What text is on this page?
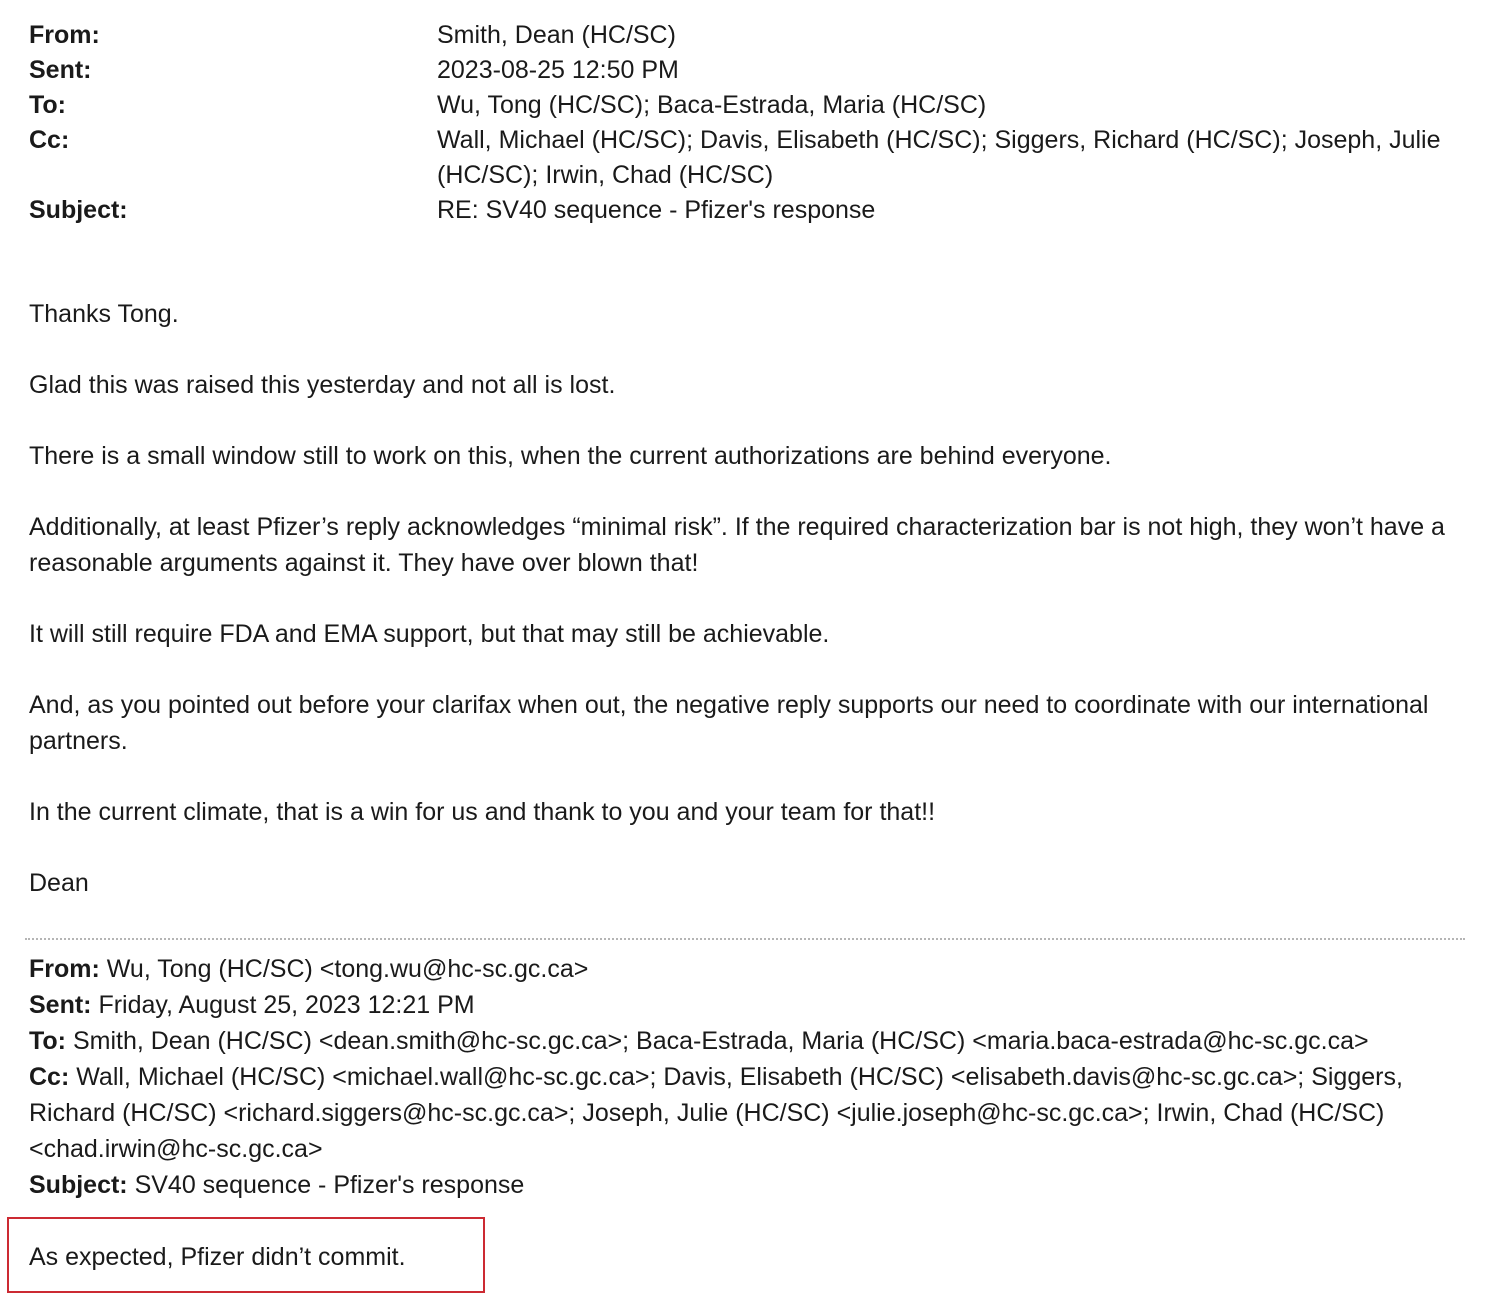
From:	Smith, Dean (HC/SC)
Sent:	2023-08-25 12:50 PM
To:	Wu, Tong (HC/SC); Baca-Estrada, Maria (HC/SC)
Cc:	Wall, Michael (HC/SC); Davis, Elisabeth (HC/SC); Siggers, Richard (HC/SC); Joseph, Julie (HC/SC); Irwin, Chad (HC/SC)
Subject:	RE: SV40 sequence - Pfizer's response

Thanks Tong.

Glad this was raised this yesterday and not all is lost.

There is a small window still to work on this, when the current authorizations are behind everyone.

Additionally, at least Pfizer’s reply acknowledges “minimal risk”. If the required characterization bar is not high, they won’t have a reasonable arguments against it. They have over blown that!

It will still require FDA and EMA support, but that may still be achievable.

And, as you pointed out before your clarifax when out, the negative reply supports our need to coordinate with our international partners.

In the current climate, that is a win for us and thank to you and your team for that!!

Dean

From: Wu, Tong (HC/SC) <tong.wu@hc-sc.gc.ca>
Sent: Friday, August 25, 2023 12:21 PM
To: Smith, Dean (HC/SC) <dean.smith@hc-sc.gc.ca>; Baca-Estrada, Maria (HC/SC) <maria.baca-estrada@hc-sc.gc.ca>
Cc: Wall, Michael (HC/SC) <michael.wall@hc-sc.gc.ca>; Davis, Elisabeth (HC/SC) <elisabeth.davis@hc-sc.gc.ca>; Siggers, Richard (HC/SC) <richard.siggers@hc-sc.gc.ca>; Joseph, Julie (HC/SC) <julie.joseph@hc-sc.gc.ca>; Irwin, Chad (HC/SC) <chad.irwin@hc-sc.gc.ca>
Subject: SV40 sequence - Pfizer's response
As expected, Pfizer didn’t commit.
